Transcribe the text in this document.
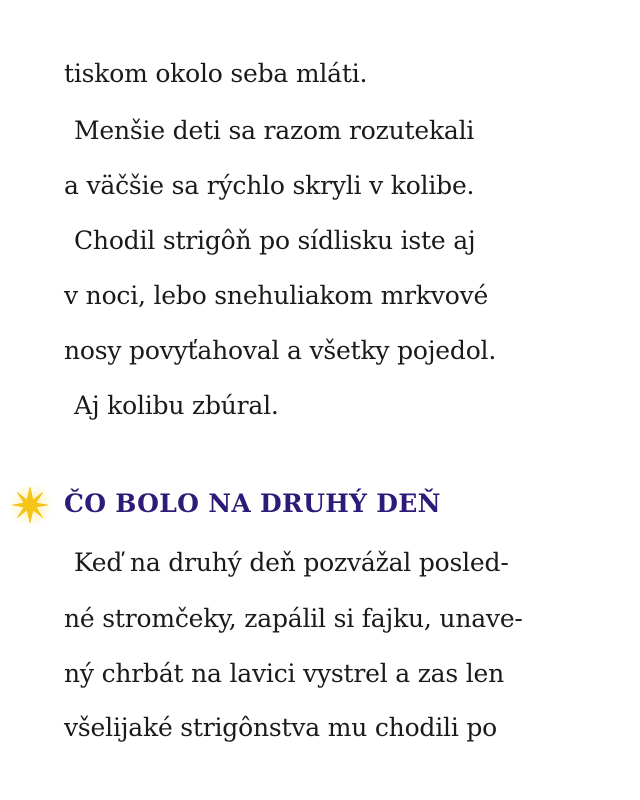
tiskom okolo seba mláti.
Menšie deti sa razom rozutekali
a väčšie sa rýchlo skryli v kolibe.
Chodil strigôň po sídlisku iste aj
v noci, lebo snehuliakom mrkvové
nosy povyťahoval a všetky pojedol.
Aj kolibu zbúral.
ČO BOLO NA DRUHÝ DEŇ
Keď na druhý deň pozvážal posled-
né stromčeky, zapálil si fajku, unave-
ný chrbát na lavici vystrel a zas len
všelijaké strigônstva mu chodili po
